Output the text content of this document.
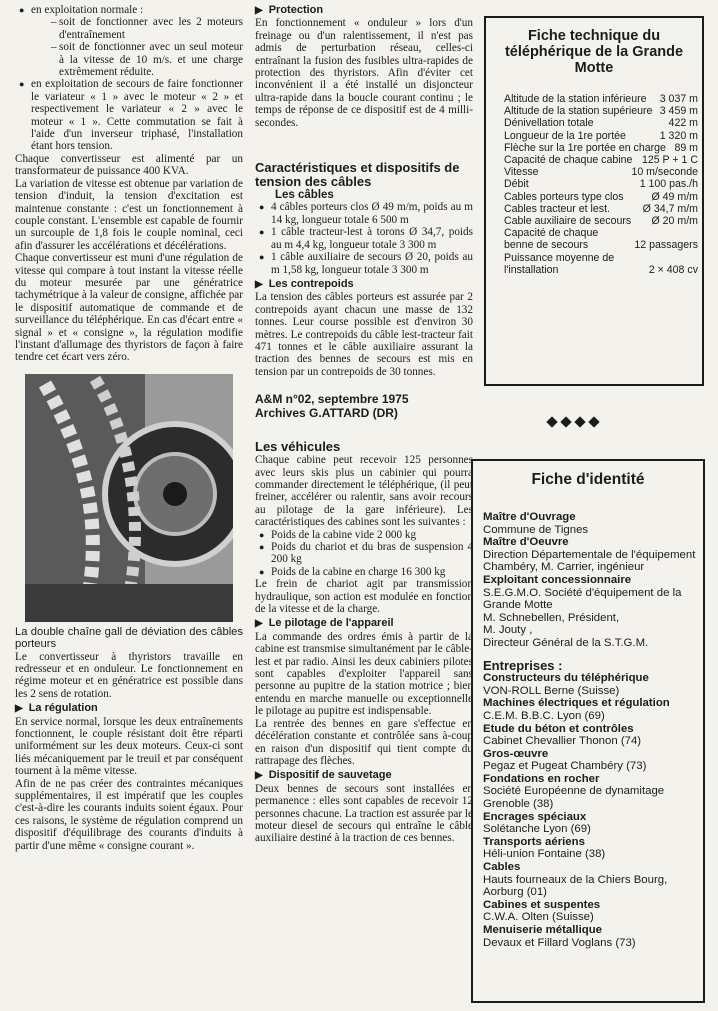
● en exploitation normale :
– soit de fonctionner avec les 2 moteurs d'entraînement
– soit de fonctionner avec un seul moteur à la vitesse de 10 m/s. et une charge extrêmement réduite.
● en exploitation de secours de faire fonctionner le variateur « 1 » avec le moteur « 2 » et respectivement le variateur « 2 » avec le moteur « 1 ». Cette commutation se fait à l'aide d'un inverseur triphasé, l'installation étant hors tension.

Chaque convertisseur est alimenté par un transformateur de puissance 400 KVA.

La variation de vitesse est obtenue par variation de tension d'induit, la tension d'excitation est maintenue constante : c'est un fonctionnement à couple constant. L'ensemble est capable de fournir un surcouple de 1,8 fois le couple nominal, ceci afin d'assurer les accélérations et décélérations.

Chaque convertisseur est muni d'une régulation de vitesse qui compare à tout instant la vitesse réelle du moteur mesurée par une génératrice tachymétrique à la valeur de consigne, affichée par le dispositif automatique de commande et de surveillance du téléphérique. En cas d'écart entre « signal » et « consigne », la régulation modifie l'instant d'allumage des thyristors de façon à faire tendre cet écart vers zéro.

La double chaîne gall de déviation des câbles porteurs

Le convertisseur à thyristors travaille en redresseur et en onduleur. Le fonctionnement en régime moteur et en génératrice est possible dans les 2 sens de rotation.

▶ La régulation

En service normal, lorsque les deux entraînements fonctionnent, le couple résistant doit être réparti uniformément sur les deux moteurs. Ceux-ci sont liés mécaniquement par le treuil et par conséquent tournent à la même vitesse.

Afin de ne pas créer des contraintes mécaniques supplémentaires, il est impératif que les couples c'est-à-dire les courants induits soient égaux. Pour ces raisons, le système de régulation comprend un dispositif d'équilibrage des courants d'induits à partir d'une même « consigne courant ».

▶ Protection

En fonctionnement « onduleur » lors d'un freinage ou d'un ralentissement, il n'est pas admis de perturbation réseau, celles-ci entraînant la fusion des fusibles ultra-rapides de protection des thyristors. Afin d'éviter cet inconvénient il a été installé un disjoncteur ultra-rapide dans la boucle courant continu ; le temps de réponse de ce dispositif est de 4 milli-secondes.

Caractéristiques et dispositifs de tension des câbles
Les câbles
● 4 câbles porteurs clos Ø 49 m/m, poids au m 14 kg, longueur totale 6 500 m
● 1 câble tracteur-lest à torons Ø 34,7, poids au m 4,4 kg, longueur totale 3 300 m
● 1 câble auxiliaire de secours Ø 20, poids au m 1,58 kg, longueur totale 3 300 m
▶ Les contrepoids

La tension des câbles porteurs est assurée par 2 contrepoids ayant chacun une masse de 132 tonnes. Leur course possible est d'environ 30 mètres. Le contrepoids du câble lest-tracteur fait 471 tonnes et le câble auxiliaire assurant la traction des bennes de secours est mis en tension par un contrepoids de 30 tonnes.

A&M n°02, septembre 1975
Archives G.ATTARD (DR)
Les véhicules

Chaque cabine peut recevoir 125 personnes avec leurs skis plus un cabinier qui pourra commander directement le téléphérique, (il peut freiner, accélérer ou ralentir, sans avoir recours au pilotage de la gare inférieure). Les caractéristiques des cabines sont les suivantes :

● Poids de la cabine vide 2 000 kg
● Poids du chariot et du bras de suspension 4 200 kg
● Poids de la cabine en charge 16 300 kg

Le frein de chariot agit par transmission hydraulique, son action est modulée en fonction de la vitesse et de la charge.

▶ Le pilotage de l'appareil

La commande des ordres émis à partir de la cabine est transmise simultanément par le câble-lest et par radio. Ainsi les deux cabiniers pilotes sont capables d'exploiter l'appareil sans personne au pupitre de la station motrice ; bien entendu en marche manuelle ou exceptionnelle le pilotage au pupitre est indispensable.

La rentrée des bennes en gare s'effectue en décélération constante et contrôlée sans à-coup en raison d'un dispositif qui tient compte du rattrapage des flèches.

▶ Dispositif de sauvetage

Deux bennes de secours sont installées en permanence : elles sont capables de recevoir 12 personnes chacune. La traction est assurée par le moteur diesel de secours qui entraîne le câble auxiliaire destiné à la traction de ces bennes.

Fiche technique du téléphérique de la Grande Motte
Altitude de la station inférieure	3 037 m
Altitude de la station supérieure 3 459 m
Dénivellation totale	422 m
Longueur de la 1re portée	1 320 m
Flèche sur la 1re portée en charge 89 m
Capacité de chaque cabine 125 P + 1 C
Vitesse	10 m/seconde
Débit	1 100 pas./h
Cables porteurs type clos	Ø 49 m/m
Cables tracteur et lest.	Ø 34,7 m/m
Cable auxiliaire de secours	Ø 20 m/m
Capacité de chaque benne de secours	12 passagers
Puissance moyenne de l'installation	2 × 408 cv
Fiche d'identité
Maître d'Ouvrage
Commune de Tignes
Maître d'Oeuvre
Direction Départementale de l'équipement Chambéry, M. Carrier, ingénieur
Exploitant concessionnaire
S.E.G.M.O. Société d'équipement de la Grande Motte
M. Schnebellen, Président,
M. Jouty ,
Directeur Général de la S.T.G.M.
Entreprises :
Constructeurs du téléphérique
VON-ROLL Berne (Suisse)
Machines électriques et régulation
C.E.M. B.B.C. Lyon (69)
Etude du béton et contrôles
Cabinet Chevallier Thonon (74)
Gros-œuvre
Pegaz et Pugeat Chambéry (73)
Fondations en rocher
Société Européenne de dynamitage Grenoble (38)
Encrages spéciaux
Solétanche Lyon (69)
Transports aériens
Héli-union Fontaine (38)
Cables
Hauts fourneaux de la Chiers Bourg, Aorburg (01)
Cabines et suspentes
C.W.A. Olten (Suisse)
Menuiserie métallique
Devaux et Fillard Voglans (73)
